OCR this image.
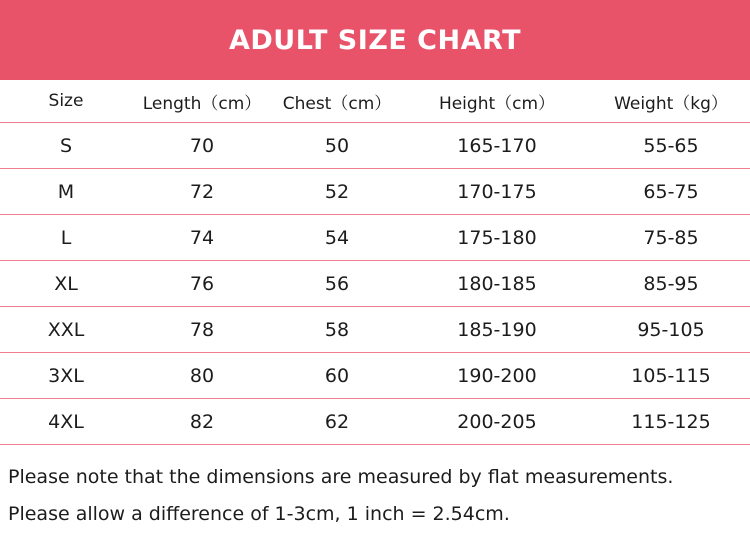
ADULT SIZE CHART
Size	Length（cm）	Chest（cm）	Height（cm）	Weight（kg）
S	70	50	165-170	55-65
M	72	52	170-175	65-75
L	74	54	175-180	75-85
XL	76	56	180-185	85-95
XXL	78	58	185-190	95-105
3XL	80	60	190-200	105-115
4XL	82	62	200-205	115-125

Please note that the dimensions are measured by flat measurements.

Please allow a difference of 1-3cm, 1 inch = 2.54cm.
